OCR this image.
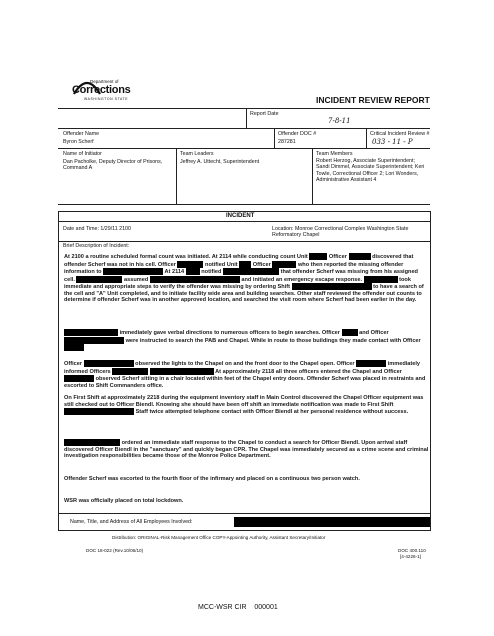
Department of
Corrections
WASHINGTON STATE	INCIDENT REVIEW REPORT
Report Date
7-8-11
Offender Name
Byron Scherf
Offender DOC #
287281
Critical Incident Review #
033 - 11 - P
Name of Initiator
Dan Pacholke, Deputy Director of Prisons, Command A
Team Leaders
Jeffrey A. Uttecht, Superintendent
Team Members
Robert Herzog, Associate Superintendent; Sandi Dimmel, Associate Superintendent; Keri Towle, Correctional Officer 2; Lori Wonders, Administrative Assistant 4
INCIDENT
Date and Time: 1/29/11 2100	Location: Monroe Correctional Complex Washington State Reformatory Chapel
Brief Description of Incident:
At 2100 a routine scheduled formal count was initiated. At 2114 while conducting count Unit	Officer	discovered that offender Scherf was not in his cell. Officer	notified Unit	Officer	who then reported the missing offender information to	At 2114	notified	that offender Scherf was missing from his assigned cell.	assumed	and initiated an emergency escape response.	took immediate and appropriate steps to verify the offender was missing by ordering Shift	to have a search of the cell and "A" Unit completed, and to initiate facility wide area and building searches. Other staff reviewed the offender out counts to determine if offender Scherf was in another approved location, and searched the visit room where Scherf had been earlier in the day.
immediately gave verbal directions to numerous officers to begin searches. Officer	and Officer  were instructed to search the PAB and Chapel. While in route to those buildings they made contact with Officer
Officer	observed the lights to the Chapel on and the front door to the Chapel open. Officer	immediately informed Officers	At approximately 2118 all three officers entered the Chapel and Officer  observed Scherf sitting in a chair located within feet of the Chapel entry doors. Offender Scherf was placed in restraints and escorted to Shift Commanders office.
On First Shift at approximately 2218 during the equipment inventory staff in Main Control discovered the Chapel Officer equipment was still checked out to Officer Biendl. Knowing she should have been off shift an immediate notification was made to First Shift  Staff twice attempted telephone contact with Officer Biendl at her personal residence without success.
ordered an immediate staff response to the Chapel to conduct a search for Officer Biendl. Upon arrival staff discovered Officer Biendl in the "sanctuary" and quickly began CPR. The Chapel was immediately secured as a crime scene and criminal investigation responsibilities became those of the Monroe Police Department.
Offender Scherf was escorted to the fourth floor of the infirmary and placed on a continuous two person watch.
WSR was officially placed on total lockdown.
Name, Title, and Address of All Employees Involved:
Distribution: ORIGINAL-Risk Management Office COPY-Appointing Authority, Assistant Secretary/Initiator
DOC 18-022 (Rev.10/06/10)	DOC 400.110
[4-4226-1]
MCC-WSR CIR    000001
